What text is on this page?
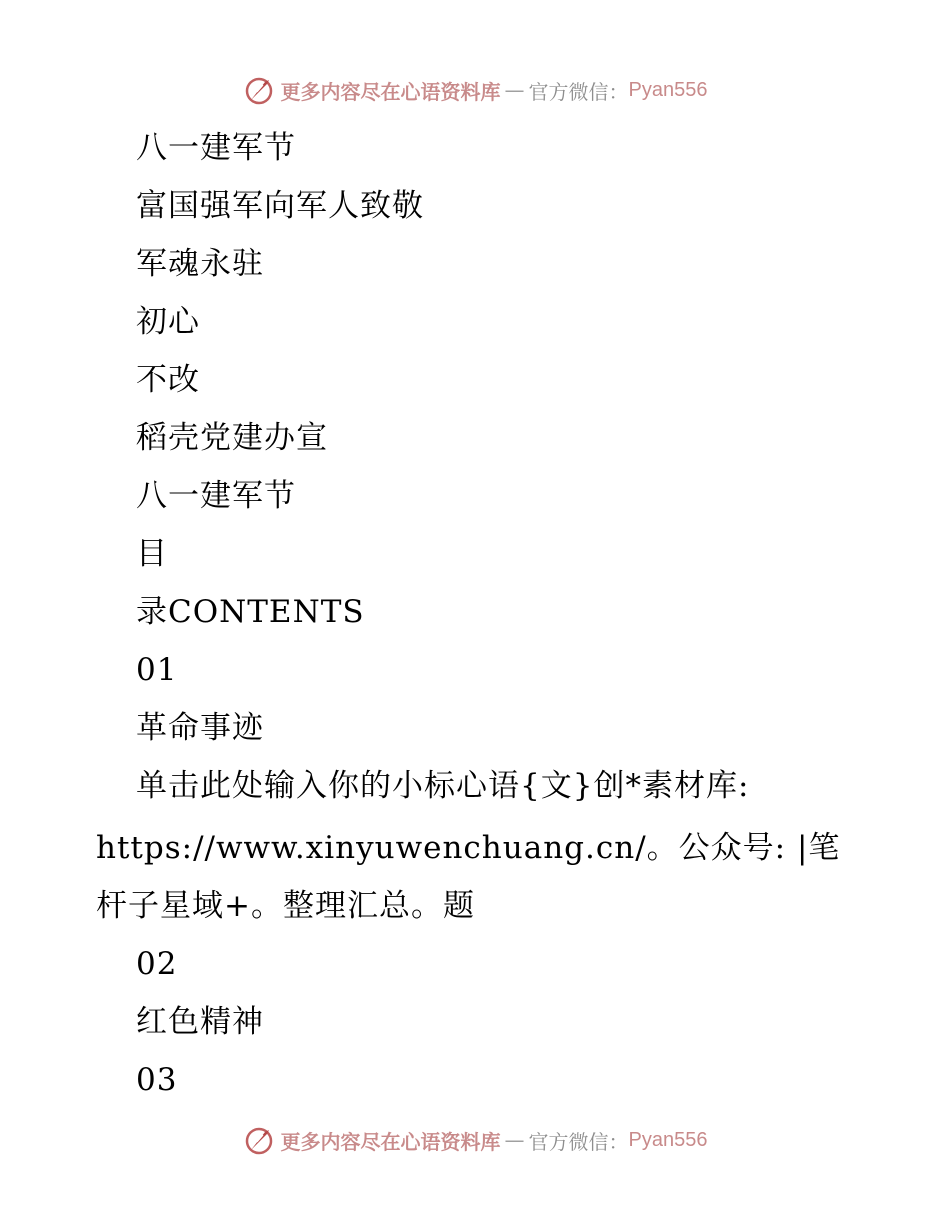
更多内容尽在心语资料库 — 官方微信： Pyan556
八一建军节
富国强军向军人致敬
军魂永驻
初心
不改
稻壳党建办宣
八一建军节
目
录CONTENTS
01
革命事迹
单击此处输入你的小标心语{文}创*素材库:
https://www.xinyuwenchuang.cn/。公众号: |笔
杆子星域+。整理汇总。题
02
红色精神
03
更多内容尽在心语资料库 — 官方微信： Pyan556
